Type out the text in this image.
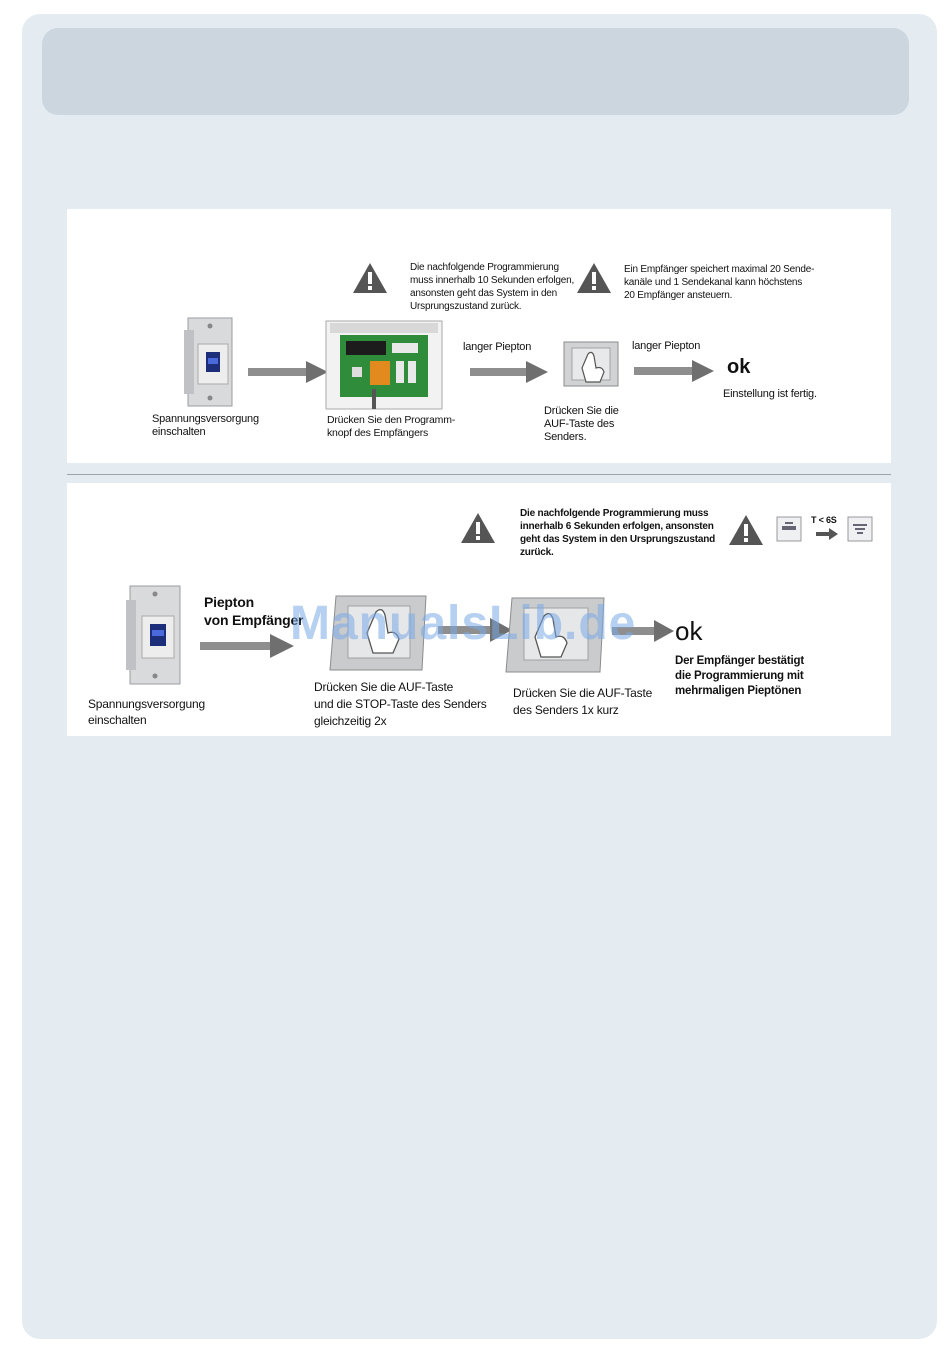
Die nachfolgende Programmierung
muss innerhalb 10 Sekunden erfolgen,
ansonsten geht das System in den
Ursprungszustand zurück.
Ein Empfänger speichert maximal 20 Sende-
kanäle und 1 Sendekanal kann höchstens
20 Empfänger ansteuern.
Spannungsversorgung
einschalten
Drücken Sie den Programm-
knopf des Empfängers
langer Piepton
Drücken Sie die
AUF-Taste des
Senders.
langer Piepton
ok
Einstellung ist fertig.
Die nachfolgende Programmierung muss
innerhalb 6 Sekunden erfolgen, ansonsten
geht das System in den Ursprungszustand
zurück.
T < 6S
Spannungsversorgung
einschalten
Piepton
von Empfänger
Drücken Sie die AUF-Taste
und die STOP-Taste des Senders
gleichzeitig 2x
Drücken Sie die AUF-Taste
des Senders 1x kurz
ok
Der Empfänger bestätigt
die Programmierung mit
mehrmaligen Pieptönen
ManualsLib.de
